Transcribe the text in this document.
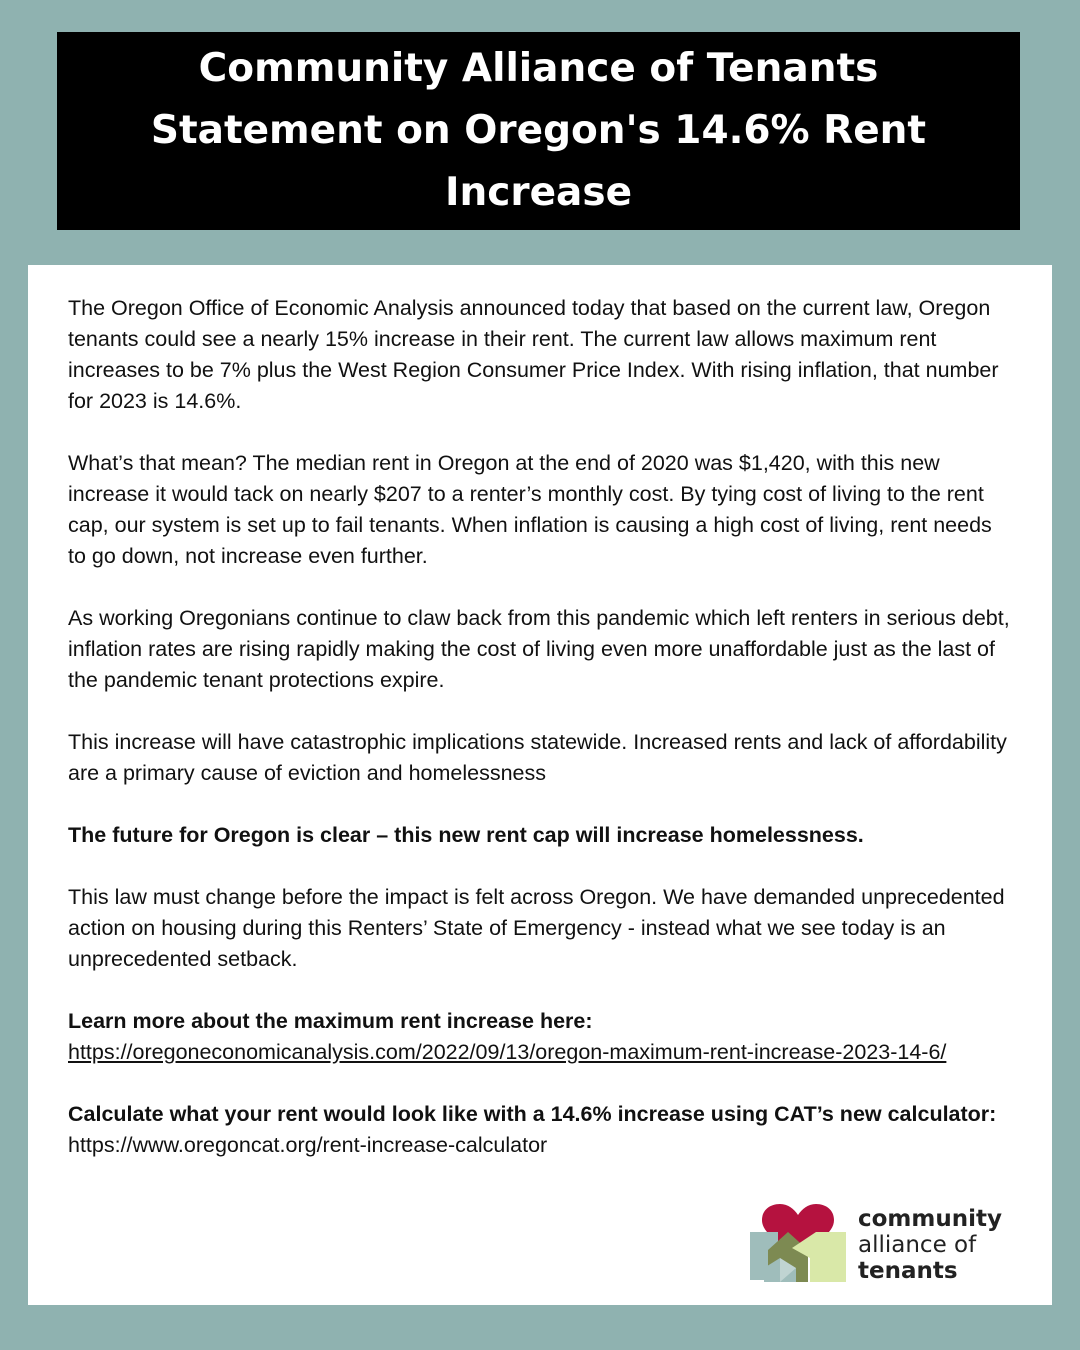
Community Alliance of Tenants Statement on Oregon's 14.6% Rent Increase

The Oregon Office of Economic Analysis announced today that based on the current law, Oregon tenants could see a nearly 15% increase in their rent. The current law allows maximum rent increases to be 7% plus the West Region Consumer Price Index. With rising inflation, that number for 2023 is 14.6%.

What’s that mean? The median rent in Oregon at the end of 2020 was $1,420, with this new increase it would tack on nearly $207 to a renter’s monthly cost. By tying cost of living to the rent cap, our system is set up to fail tenants. When inflation is causing a high cost of living, rent needs to go down, not increase even further.

As working Oregonians continue to claw back from this pandemic which left renters in serious debt, inflation rates are rising rapidly making the cost of living even more unaffordable just as the last of the pandemic tenant protections expire.

This increase will have catastrophic implications statewide. Increased rents and lack of affordability are a primary cause of eviction and homelessness

The future for Oregon is clear – this new rent cap will increase homelessness.

This law must change before the impact is felt across Oregon. We have demanded unprecedented action on housing during this Renters’ State of Emergency - instead what we see today is an unprecedented setback.

Learn more about the maximum rent increase here:
https://oregoneconomicanalysis.com/2022/09/13/oregon-maximum-rent-increase-2023-14-6/

Calculate what your rent would look like with a 14.6% increase using CAT’s new calculator: https://www.oregoncat.org/rent-increase-calculator

community
alliance of
tenants
